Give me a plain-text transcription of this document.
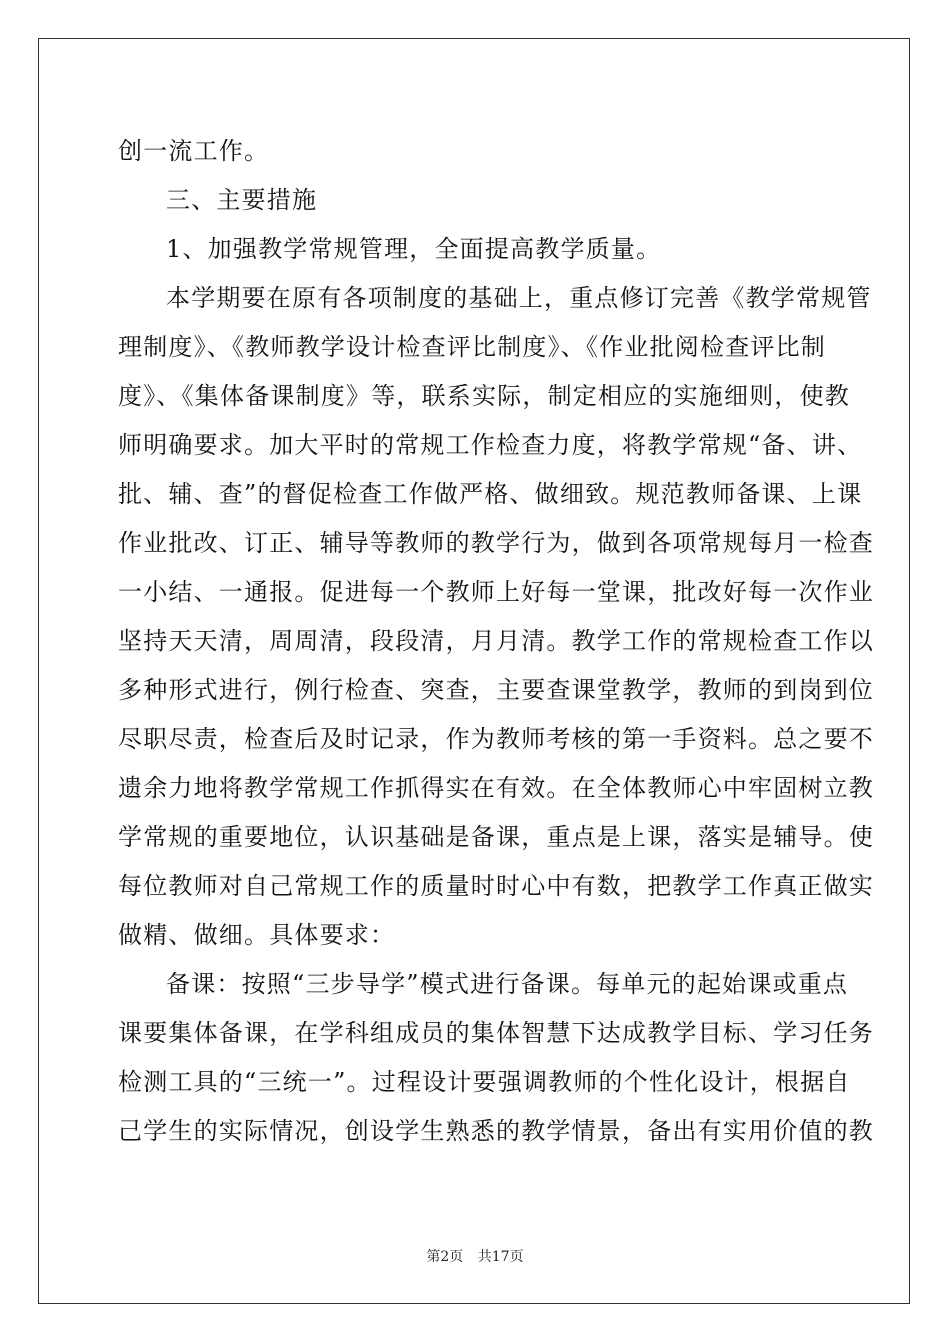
创一流工作。
三、主要措施
1、加强教学常规管理，全面提高教学质量。
本学期要在原有各项制度的基础上，重点修订完善《教学常规管
理制度》、《教师教学设计检查评比制度》、《作业批阅检查评比制
度》、《集体备课制度》等，联系实际，制定相应的实施细则，使教
师明确要求。加大平时的常规工作检查力度，将教学常规“备、讲、
批、辅、查”的督促检查工作做严格、做细致。规范教师备课、上课
作业批改、订正、辅导等教师的教学行为，做到各项常规每月一检查
一小结、一通报。促进每一个教师上好每一堂课，批改好每一次作业
坚持天天清，周周清，段段清，月月清。教学工作的常规检查工作以
多种形式进行，例行检查、突查，主要查课堂教学，教师的到岗到位
尽职尽责，检查后及时记录，作为教师考核的第一手资料。总之要不
遗余力地将教学常规工作抓得实在有效。在全体教师心中牢固树立教
学常规的重要地位，认识基础是备课，重点是上课，落实是辅导。使
每位教师对自己常规工作的质量时时心中有数，把教学工作真正做实
做精、做细。具体要求：
备课：按照“三步导学”模式进行备课。每单元的起始课或重点
课要集体备课，在学科组成员的集体智慧下达成教学目标、学习任务
检测工具的“三统一”。过程设计要强调教师的个性化设计，根据自
己学生的实际情况，创设学生熟悉的教学情景，备出有实用价值的教
第2页 共17页
